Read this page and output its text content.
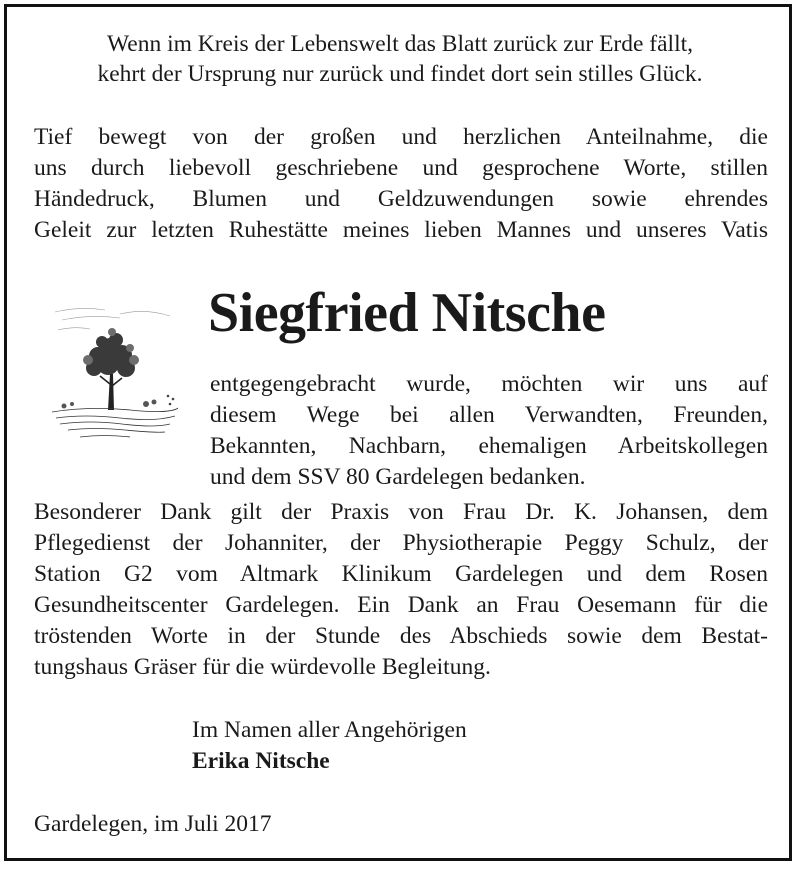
Wenn im Kreis der Lebenswelt das Blatt zurück zur Erde fällt,
kehrt der Ursprung nur zurück und findet dort sein stilles Glück.
Tief bewegt von der großen und herzlichen Anteilnahme, die
uns durch liebevoll geschriebene und gesprochene Worte, stillen
Händedruck, Blumen und Geldzuwendungen sowie ehrendes
Geleit zur letzten Ruhestätte meines lieben Mannes und unseres Vatis
Siegfried Nitsche
entgegengebracht wurde, möchten wir uns auf
diesem Wege bei allen Verwandten, Freunden,
Bekannten, Nachbarn, ehemaligen Arbeitskollegen
und dem SSV 80 Gardelegen bedanken.
Besonderer Dank gilt der Praxis von Frau Dr. K. Johansen, dem
Pflegedienst der Johanniter, der Physiotherapie Peggy Schulz, der
Station G2 vom Altmark Klinikum Gardelegen und dem Rosen
Gesundheitscenter Gardelegen. Ein Dank an Frau Oesemann für die
tröstenden Worte in der Stunde des Abschieds sowie dem Bestat-
tungshaus Gräser für die würdevolle Begleitung.
Im Namen aller Angehörigen
Erika Nitsche
Gardelegen, im Juli 2017
